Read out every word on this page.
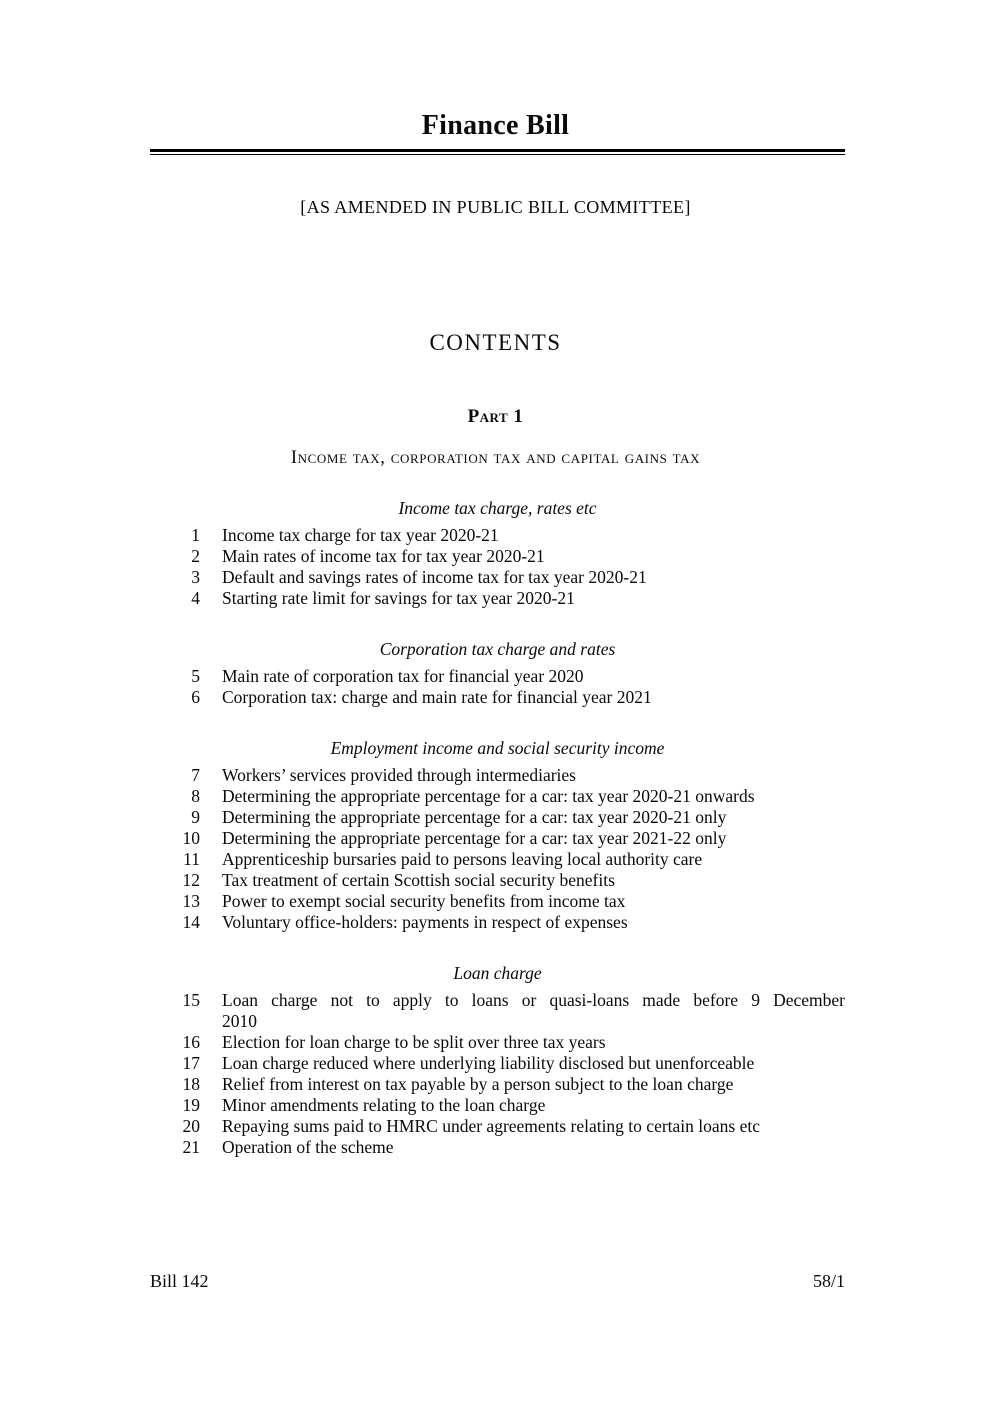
Finance Bill
[AS AMENDED IN PUBLIC BILL COMMITTEE]
CONTENTS
Part 1
Income tax, corporation tax and capital gains tax
Income tax charge, rates etc
1 Income tax charge for tax year 2020-21
2 Main rates of income tax for tax year 2020-21
3 Default and savings rates of income tax for tax year 2020-21
4 Starting rate limit for savings for tax year 2020-21
Corporation tax charge and rates
5 Main rate of corporation tax for financial year 2020
6 Corporation tax: charge and main rate for financial year 2021
Employment income and social security income
7 Workers’ services provided through intermediaries
8 Determining the appropriate percentage for a car: tax year 2020-21 onwards
9 Determining the appropriate percentage for a car: tax year 2020-21 only
10 Determining the appropriate percentage for a car: tax year 2021-22 only
11 Apprenticeship bursaries paid to persons leaving local authority care
12 Tax treatment of certain Scottish social security benefits
13 Power to exempt social security benefits from income tax
14 Voluntary office-holders: payments in respect of expenses
Loan charge
15 Loan charge not to apply to loans or quasi-loans made before 9 December
2010
16 Election for loan charge to be split over three tax years
17 Loan charge reduced where underlying liability disclosed but unenforceable
18 Relief from interest on tax payable by a person subject to the loan charge
19 Minor amendments relating to the loan charge
20 Repaying sums paid to HMRC under agreements relating to certain loans etc
21 Operation of the scheme
Bill 142	58/1
